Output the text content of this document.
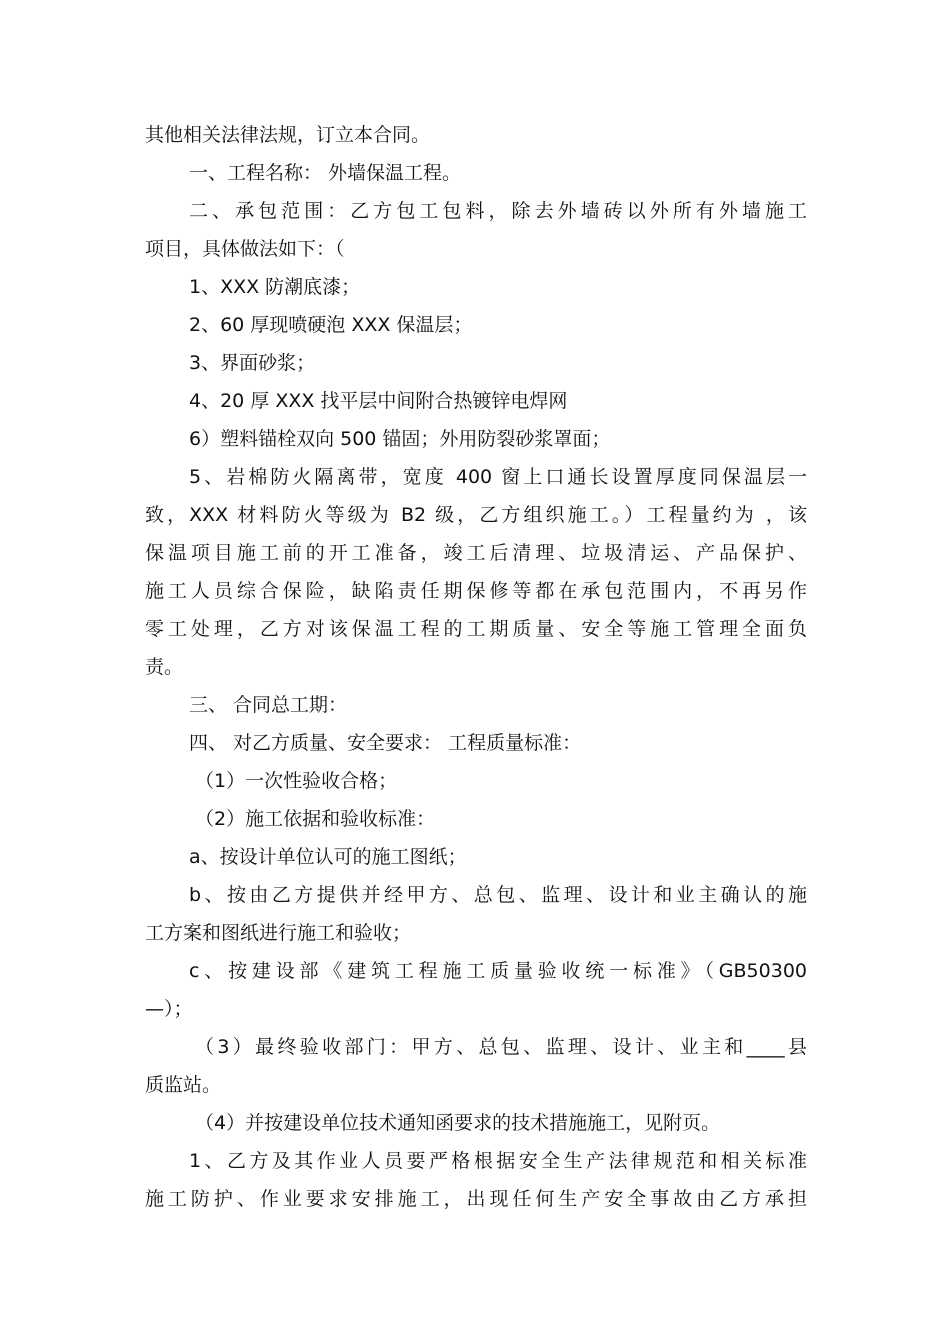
其他相关法律法规，订立本合同。
一、工程名称： 外墙保温工程。
二、承包范围：乙方包工包料，除去外墙砖以外所有外墙施工
项目，具体做法如下：（
1、XXX 防潮底漆；
2、60 厚现喷硬泡 XXX 保温层；
3、界面砂浆；
4、20 厚 XXX 找平层中间附合热镀锌电焊网
6）塑料锚栓双向 500 锚固；外用防裂砂浆罩面；
5、岩棉防火隔离带，宽度 400 窗上口通长设置厚度同保温层一
致，XXX 材料防火等级为 B2 级，乙方组织施工。）工程量约为 ，该
保温项目施工前的开工准备，竣工后清理、垃圾清运、产品保护、
施工人员综合保险，缺陷责任期保修等都在承包范围内，不再另作
零工处理，乙方对该保温工程的工期质量、安全等施工管理全面负
责。
三、 合同总工期：
四、 对乙方质量、安全要求： 工程质量标准：
（1）一次性验收合格；
（2）施工依据和验收标准：
a、按设计单位认可的施工图纸；
b、按由乙方提供并经甲方、总包、监理、设计和业主确认的施
工方案和图纸进行施工和验收；
c、按建设部《建筑工程施工质量验收统一标准》（GB50300
—）；
（3）最终验收部门：甲方、总包、监理、设计、业主和____县
质监站。
（4）并按建设单位技术通知函要求的技术措施施工，见附页。
1、乙方及其作业人员要严格根据安全生产法律规范和相关标准
施工防护、作业要求安排施工，出现任何生产安全事故由乙方承担
